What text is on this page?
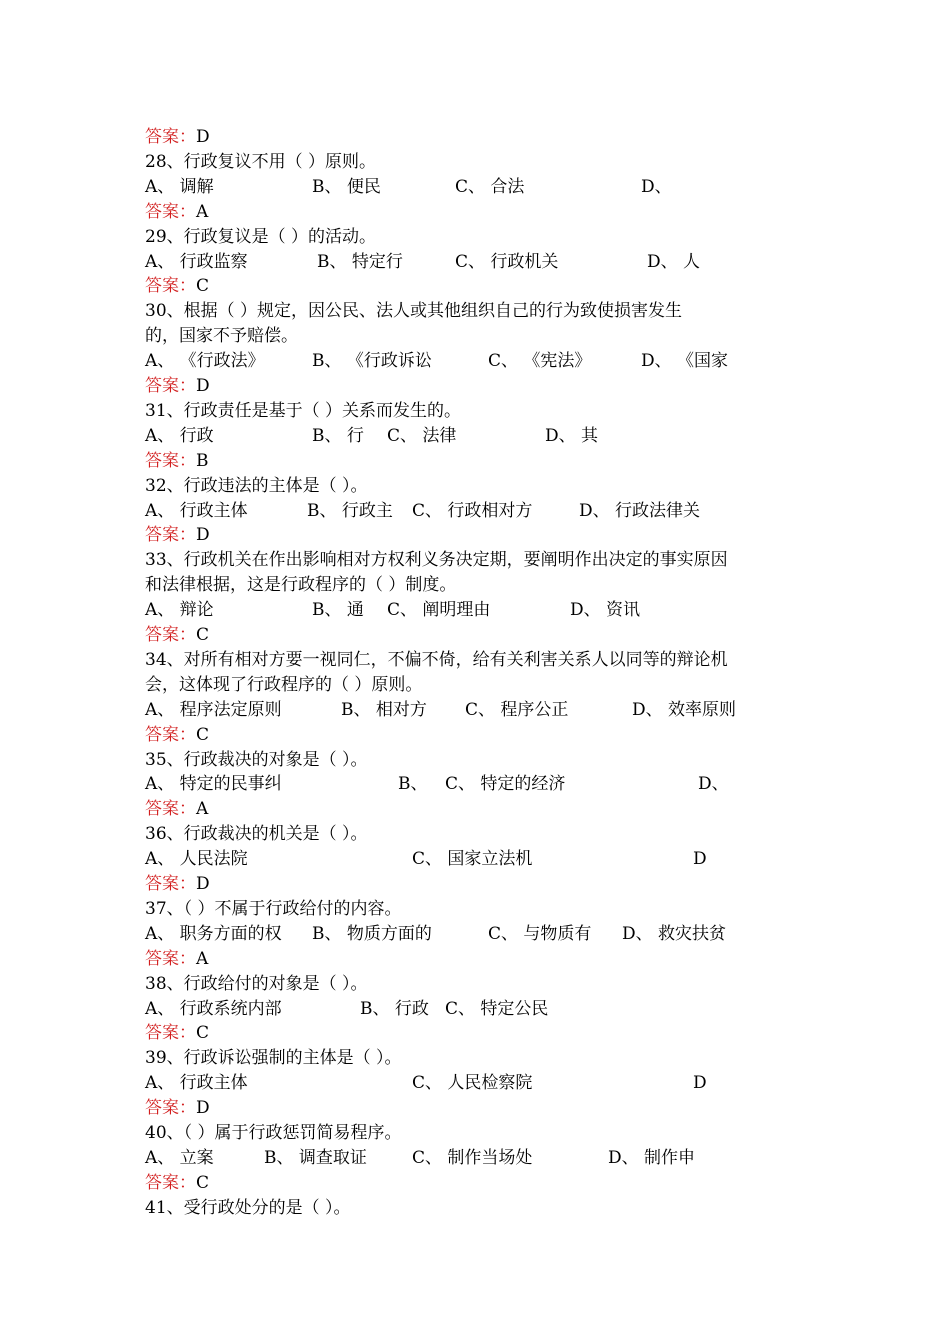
答案：D
28、行政复议不用（ ）原则。
A、 调解	B、 便民	C、 合法	D、
答案：A
29、行政复议是（ ）的活动。
A、 行政监察	B、 特定行	C、 行政机关	D、 人
答案：C
30、根据（ ）规定，因公民、法人或其他组织自己的行为致使损害发生
的，国家不予赔偿。
A、 《行政法》	B、 《行政诉讼	C、 《宪法》	D、 《国家
答案：D
31、行政责任是基于（ ）关系而发生的。
A、 行政	B、 行 C、 法律	D、 其
答案：B
32、行政违法的主体是（ ）。
A、 行政主体	B、 行政主 C、 行政相对方	D、 行政法律关
答案：D
33、行政机关在作出影响相对方权利义务决定期，要阐明作出决定的事实原因
和法律根据，这是行政程序的（ ）制度。
A、 辩论	B、 通 C、 阐明理由	D、 资讯
答案：C
34、对所有相对方要一视同仁，不偏不倚，给有关利害关系人以同等的辩论机
会，这体现了行政程序的（ ）原则。
A、 程序法定原则	B、 相对方 C、 程序公正	D、 效率原则
答案：C
35、行政裁决的对象是（ ）。
A、 特定的民事纠	B、 C、 特定的经济	D、
答案：A
36、行政裁决的机关是（ ）。
A、 人民法院	C、 国家立法机	D
答案：D
37、（ ）不属于行政给付的内容。
A、 职务方面的权 B、 物质方面的	C、 与物质有 D、 救灾扶贫
答案：A
38、行政给付的对象是（ ）。
A、 行政系统内部	B、 行政 C、 特定公民
答案：C
39、行政诉讼强制的主体是（ ）。
A、 行政主体	C、 人民检察院	D
答案：D
40、（ ）属于行政惩罚简易程序。
A、 立案	B、 调查取证	C、 制作当场处	D、 制作申
答案：C
41、受行政处分的是（ ）。
